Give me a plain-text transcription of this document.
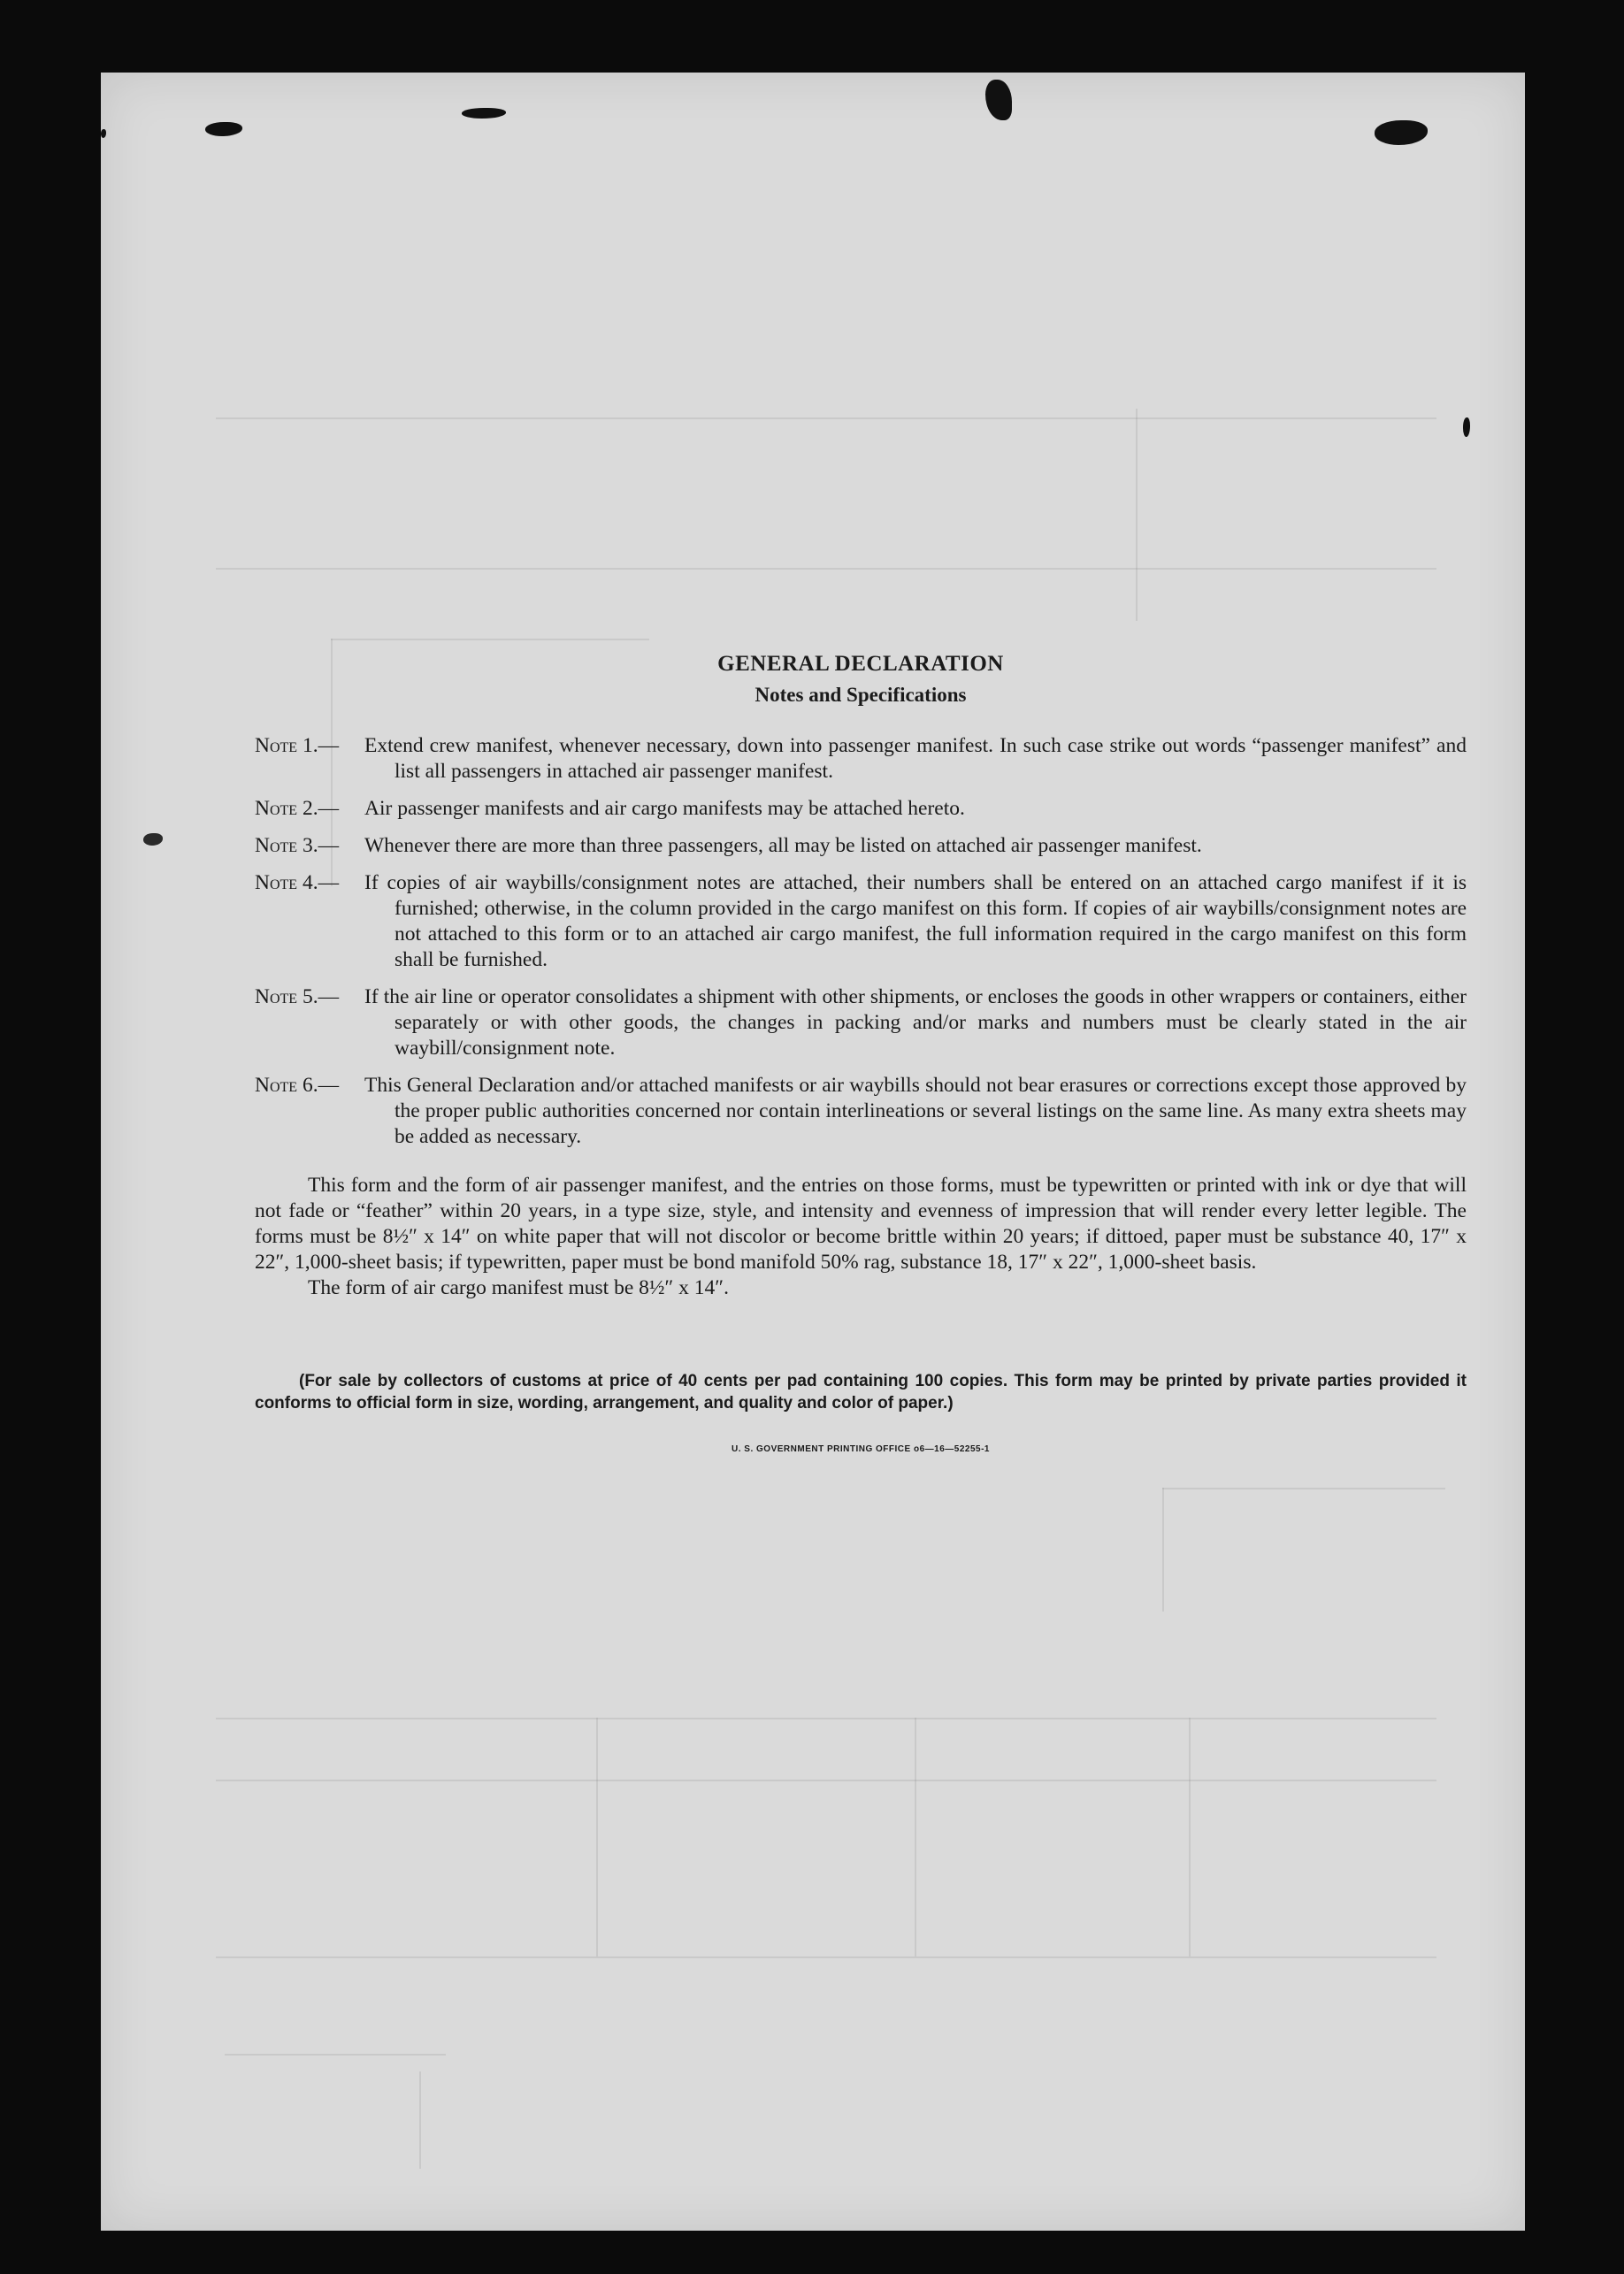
GENERAL DECLARATION
Notes and Specifications
Note 1.—	Extend crew manifest, whenever necessary, down into passenger manifest. In such case strike out words “passenger manifest” and list all passengers in attached air passenger manifest.
Note 2.—	Air passenger manifests and air cargo manifests may be attached hereto.
Note 3.—	Whenever there are more than three passengers, all may be listed on attached air passenger manifest.
Note 4.—	If copies of air waybills/consignment notes are attached, their numbers shall be entered on an attached cargo manifest if it is furnished; otherwise, in the column provided in the cargo manifest on this form. If copies of air waybills/consignment notes are not attached to this form or to an attached air cargo manifest, the full information required in the cargo manifest on this form shall be furnished.
Note 5.—	If the air line or operator consolidates a shipment with other shipments, or encloses the goods in other wrappers or containers, either separately or with other goods, the changes in packing and/or marks and numbers must be clearly stated in the air waybill/consignment note.
Note 6.—	This General Declaration and/or attached manifests or air waybills should not bear erasures or corrections except those approved by the proper public authorities concerned nor contain interlineations or several listings on the same line. As many extra sheets may be added as necessary.
This form and the form of air passenger manifest, and the entries on those forms, must be typewritten or printed with ink or dye that will not fade or “feather” within 20 years, in a type size, style, and intensity and evenness of impression that will render every letter legible. The forms must be 8½″ x 14″ on white paper that will not discolor or become brittle within 20 years; if dittoed, paper must be substance 40, 17″ x 22″, 1,000-sheet basis; if typewritten, paper must be bond manifold 50% rag, substance 18, 17″ x 22″, 1,000-sheet basis.
The form of air cargo manifest must be 8½″ x 14″.
(For sale by collectors of customs at price of 40 cents per pad containing 100 copies. This form may be printed by private parties provided it conforms to official form in size, wording, arrangement, and quality and color of paper.)
U. S. GOVERNMENT PRINTING OFFICE o6—16—52255-1
